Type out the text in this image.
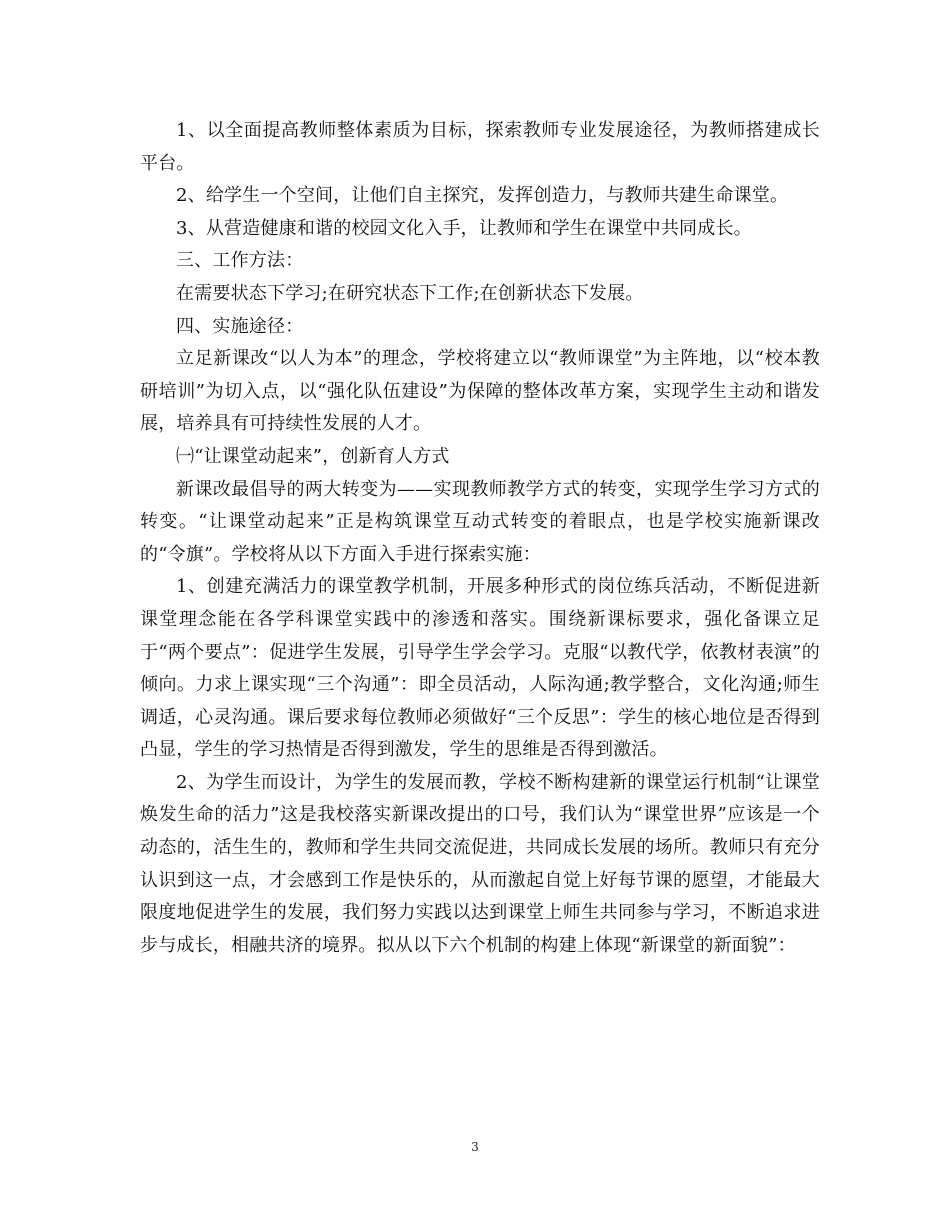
1、以全面提高教师整体素质为目标，探索教师专业发展途径，为教师搭建成长平台。

2、给学生一个空间，让他们自主探究，发挥创造力，与教师共建生命课堂。

3、从营造健康和谐的校园文化入手，让教师和学生在课堂中共同成长。

三、工作方法：

在需要状态下学习;在研究状态下工作;在创新状态下发展。

四、实施途径：

立足新课改“以人为本”的理念，学校将建立以“教师课堂”为主阵地，以“校本教研培训”为切入点，以“强化队伍建设”为保障的整体改革方案，实现学生主动和谐发展，培养具有可持续性发展的人才。

㈠“让课堂动起来”，创新育人方式

新课改最倡导的两大转变为——实现教师教学方式的转变，实现学生学习方式的转变。“让课堂动起来”正是构筑课堂互动式转变的着眼点，也是学校实施新课改的“令旗”。学校将从以下方面入手进行探索实施：

1、创建充满活力的课堂教学机制，开展多种形式的岗位练兵活动，不断促进新课堂理念能在各学科课堂实践中的渗透和落实。围绕新课标要求，强化备课立足于“两个要点”：促进学生发展，引导学生学会学习。克服“以教代学，依教材表演”的倾向。力求上课实现“三个沟通”：即全员活动，人际沟通;教学整合，文化沟通;师生调适，心灵沟通。课后要求每位教师必须做好“三个反思”：学生的核心地位是否得到凸显，学生的学习热情是否得到激发，学生的思维是否得到激活。

2、为学生而设计，为学生的发展而教，学校不断构建新的课堂运行机制“让课堂焕发生命的活力”这是我校落实新课改提出的口号，我们认为“课堂世界”应该是一个动态的，活生生的，教师和学生共同交流促进，共同成长发展的场所。教师只有充分认识到这一点，才会感到工作是快乐的，从而激起自觉上好每节课的愿望，才能最大限度地促进学生的发展，我们努力实践以达到课堂上师生共同参与学习，不断追求进步与成长，相融共济的境界。拟从以下六个机制的构建上体现“新课堂的新面貌”：

3
